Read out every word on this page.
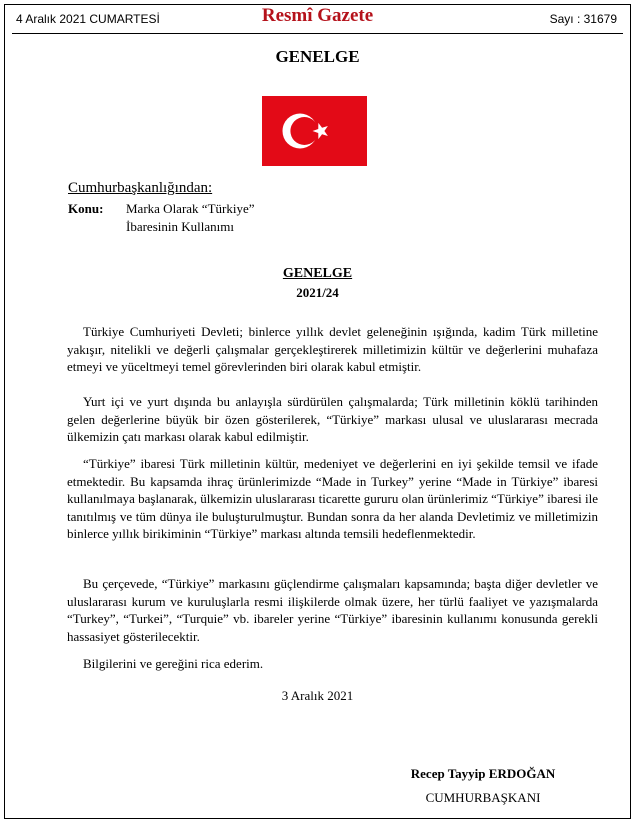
4 Aralık 2021 CUMARTESİ	Resmî Gazete	Sayı : 31679
GENELGE
Cumhurbaşkanlığından:
Konu: Marka Olarak “Türkiye”
İbaresinin Kullanımı
GENELGE
2021/24

Türkiye Cumhuriyeti Devleti; binlerce yıllık devlet geleneğinin ışığında, kadim Türk milletine yakışır, nitelikli ve değerli çalışmalar gerçekleştirerek milletimizin kültür ve değerlerini muhafaza etmeyi ve yüceltmeyi temel görevlerinden biri olarak kabul etmiştir.

Yurt içi ve yurt dışında bu anlayışla sürdürülen çalışmalarda; Türk milletinin köklü tarihinden gelen değerlerine büyük bir özen gösterilerek, “Türkiye” markası ulusal ve uluslararası mecrada ülkemizin çatı markası olarak kabul edilmiştir.

“Türkiye” ibaresi Türk milletinin kültür, medeniyet ve değerlerini en iyi şekilde temsil ve ifade etmektedir. Bu kapsamda ihraç ürünlerimizde “Made in Turkey” yerine “Made in Türkiye” ibaresi kullanılmaya başlanarak, ülkemizin uluslararası ticarette gururu olan ürünlerimiz “Türkiye” ibaresi ile tanıtılmış ve tüm dünya ile buluşturulmuştur. Bundan sonra da her alanda Devletimiz ve milletimizin binlerce yıllık birikiminin “Türkiye” markası altında temsili hedeflenmektedir.

Bu çerçevede, “Türkiye” markasını güçlendirme çalışmaları kapsamında; başta diğer devletler ve uluslararası kurum ve kuruluşlarla resmi ilişkilerde olmak üzere, her türlü faaliyet ve yazışmalarda “Turkey”, “Turkei”, “Turquie” vb. ibareler yerine “Türkiye” ibaresinin kullanımı konusunda gerekli hassasiyet gösterilecektir.

Bilgilerini ve gereğini rica ederim.

3 Aralık 2021
Recep Tayyip ERDOĞAN
CUMHURBAŞKANI
